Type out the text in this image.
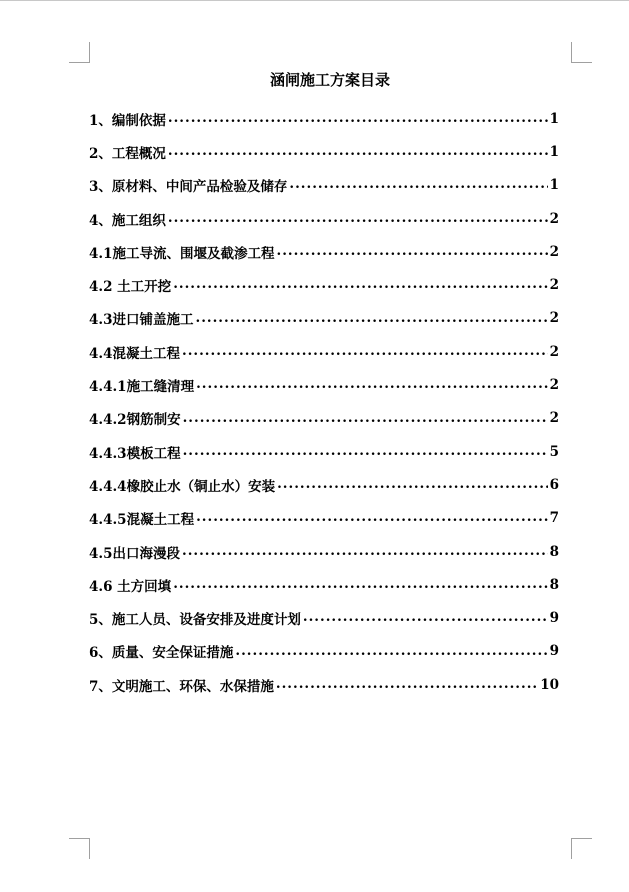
涵闸施工方案目录
1、编制依据 .....	1
2、工程概况 .....	1
3、原材料、中间产品检验及储存 .....	1
4、施工组织 .....	2
4.1施工导流、围堰及截渗工程 .....	2
4.2 土工开挖 .....	2
4.3进口铺盖施工 .....	2
4.4混凝土工程 .....	2
4.4.1施工缝清理 .....	2
4.4.2钢筋制安 .....	2
4.4.3模板工程 .....	5
4.4.4橡胶止水（铜止水）安装 .....	6
4.4.5混凝土工程 .....	7
4.5出口海漫段 .....	8
4.6 土方回填 .....	8
5、施工人员、设备安排及进度计划 .....	9
6、质量、安全保证措施 .....	9
7、文明施工、环保、水保措施 .....	10
